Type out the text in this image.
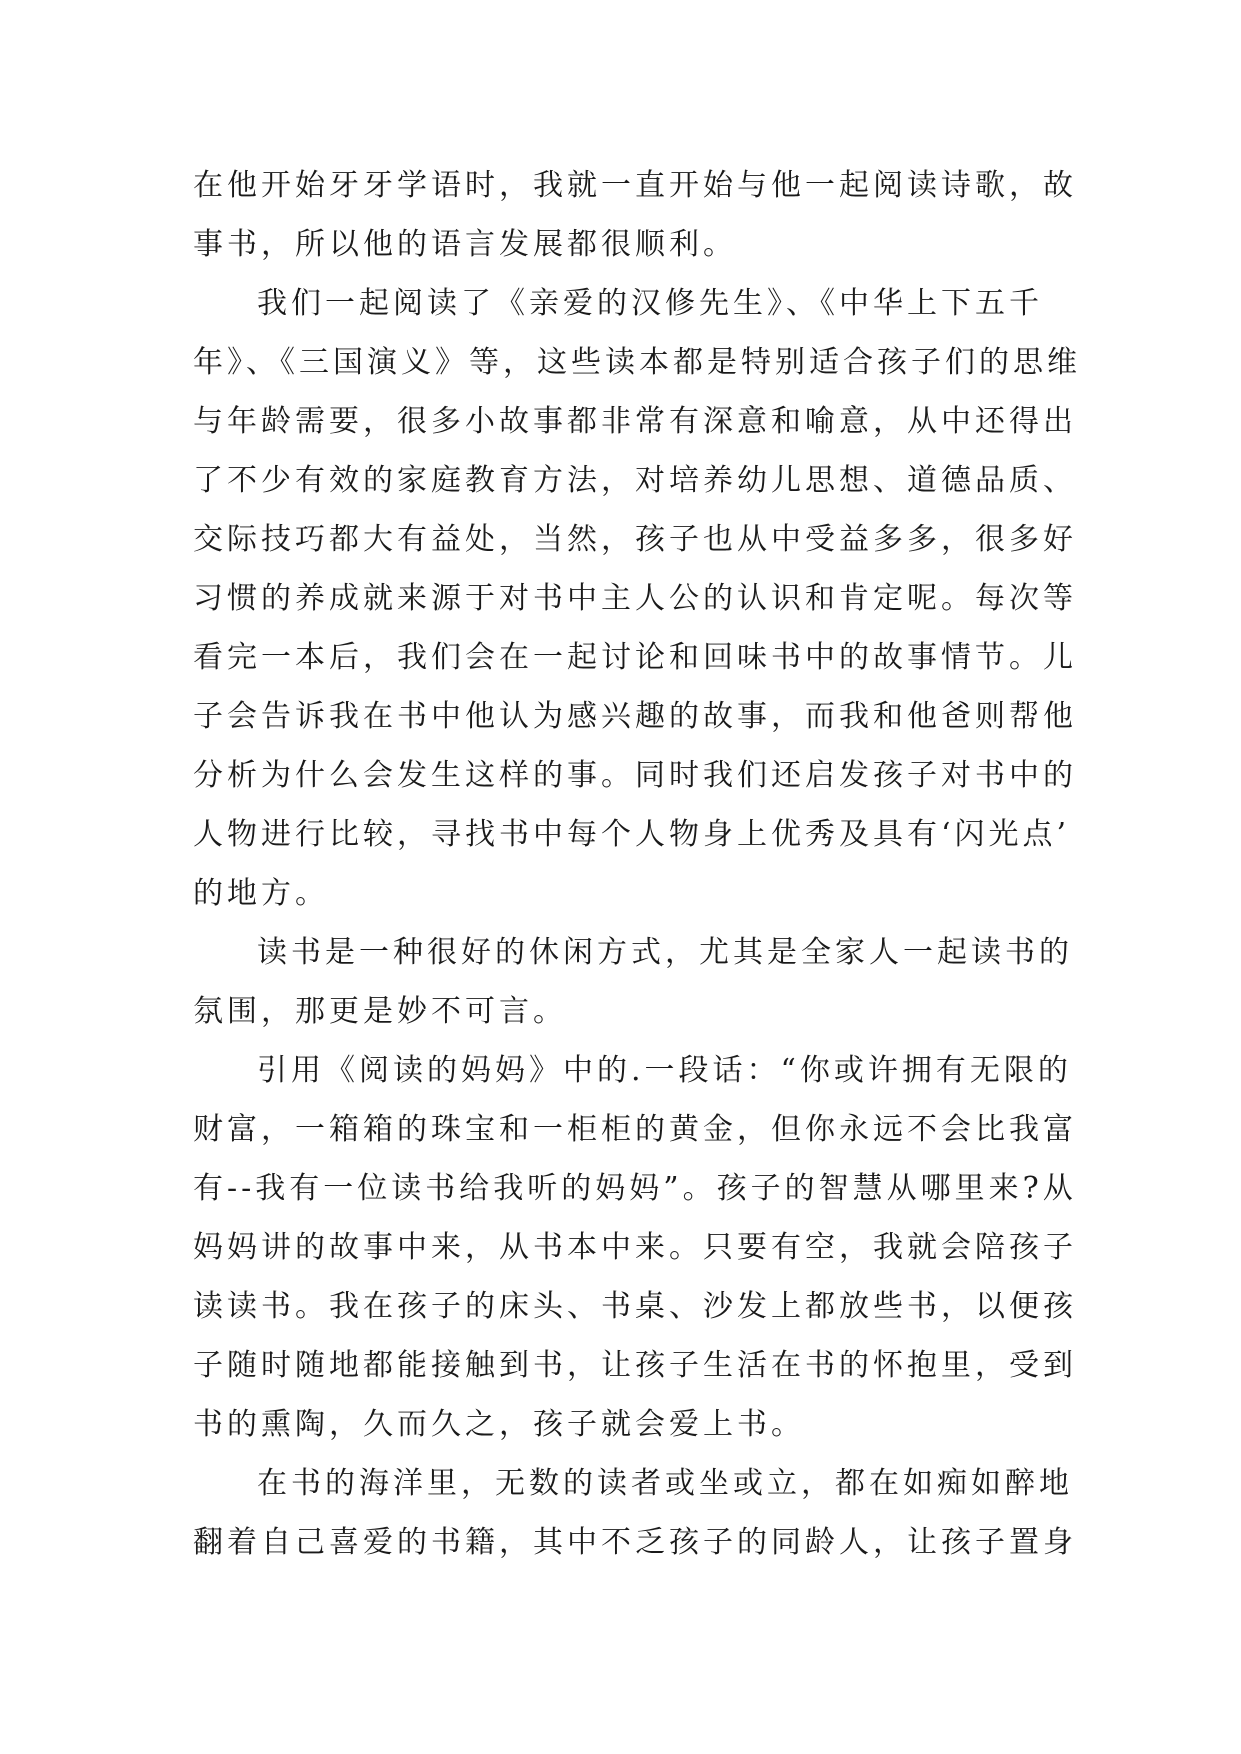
在他开始牙牙学语时，我就一直开始与他一起阅读诗歌，故
事书，所以他的语言发展都很顺利。
我们一起阅读了《亲爱的汉修先生》、《中华上下五千
年》、《三国演义》等，这些读本都是特别适合孩子们的思维
与年龄需要，很多小故事都非常有深意和喻意，从中还得出
了不少有效的家庭教育方法，对培养幼儿思想、道德品质、
交际技巧都大有益处，当然，孩子也从中受益多多，很多好
习惯的养成就来源于对书中主人公的认识和肯定呢。每次等
看完一本后，我们会在一起讨论和回味书中的故事情节。儿
子会告诉我在书中他认为感兴趣的故事，而我和他爸则帮他
分析为什么会发生这样的事。同时我们还启发孩子对书中的
人物进行比较，寻找书中每个人物身上优秀及具有‘闪光点’
的地方。
读书是一种很好的休闲方式，尤其是全家人一起读书的
氛围，那更是妙不可言。
引用《阅读的妈妈》中的.一段话：“你或许拥有无限的
财富，一箱箱的珠宝和一柜柜的黄金，但你永远不会比我富
有--我有一位读书给我听的妈妈”。孩子的智慧从哪里来?从
妈妈讲的故事中来，从书本中来。只要有空，我就会陪孩子
读读书。我在孩子的床头、书桌、沙发上都放些书，以便孩
子随时随地都能接触到书，让孩子生活在书的怀抱里，受到
书的熏陶，久而久之，孩子就会爱上书。
在书的海洋里，无数的读者或坐或立，都在如痴如醉地
翻着自己喜爱的书籍，其中不乏孩子的同龄人，让孩子置身
